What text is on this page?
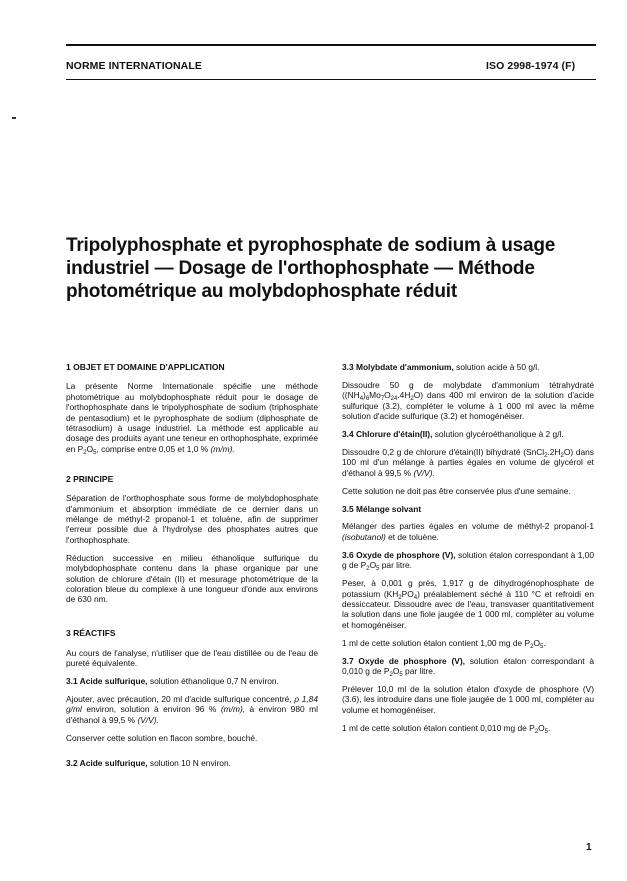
NORME INTERNATIONALE	ISO 2998-1974 (F)
Tripolyphosphate et pyrophosphate de sodium à usage industriel — Dosage de l'orthophosphate — Méthode photométrique au molybdophosphate réduit

1 OBJET ET DOMAINE D'APPLICATION

La présente Norme Internationale spécifie une méthode photométrique au molybdophosphate réduit pour le dosage de l'orthophosphate dans le tripolyphosphate de sodium (triphosphate de pentasodium) et le pyrophosphate de sodium (diphosphate de tétrasodium) à usage industriel. La méthode est applicable au dosage des produits ayant une teneur en orthophosphate, exprimée en $P_2O_5$, comprise entre 0,05 et 1,0 % (m/m).

2 PRINCIPE

Séparation de l'orthophosphate sous forme de molybdophosphate d'ammonium et absorption immédiate de ce dernier dans un mélange de méthyl-2 propanol-1 et toluène, afin de supprimer l'erreur possible due à l'hydrolyse des phosphates autres que l'orthophosphate.

Réduction successive en milieu éthanolique sulfurique du molybdophosphate contenu dans la phase organique par une solution de chlorure d'étain (II) et mesurage photométrique de la coloration bleue du complexe à une longueur d'onde aux environs de 630 nm.

3 RÉACTIFS

Au cours de l'analyse, n'utiliser que de l'eau distillée ou de l'eau de pureté équivalente.

3.1 Acide sulfurique, solution éthanolique 0,7 N environ.

Ajouter, avec précaution, 20 ml d'acide sulfurique concentré, ρ 1,84 g/ml environ, solution à environ 96 % (m/m), à environ 980 ml d'éthanol à 99,5 % (V/V).

Conserver cette solution en flacon sombre, bouché.

3.2 Acide sulfurique, solution 10 N environ.

3.3 Molybdate d'ammonium, solution acide à 50 g/l.

Dissoudre 50 g de molybdate d'ammonium tétrahydraté $((NH_4)_6Mo_7O_{24}.4H_2O)$ dans 400 ml environ de la solution d'acide sulfurique (3.2), compléter le volume à 1 000 ml avec la même solution d'acide sulfurique (3.2) et homogénéiser.

3.4 Chlorure d'étain(II), solution glycéroéthanolique à 2 g/l.

Dissoudre 0,2 g de chlorure d'étain(II) bihydraté $(SnCl_2.2H_2O)$ dans 100 ml d'un mélange à parties égales en volume de glycérol et d'éthanol à 99,5 % (V/V).

Cette solution ne doit pas être conservée plus d'une semaine.

3.5 Mélange solvant

Mélanger des parties égales en volume de méthyl-2 propanol-1 (isobutanol) et de toluène.

3.6 Oxyde de phosphore (V), solution étalon correspondant à 1,00 g de $P_2O_5$ par litre.

Peser, à 0,001 g près, 1,917 g de dihydrogénophosphate de potassium $(KH_2PO_4)$ préalablement séché à 110 °C et refroidi en dessiccateur. Dissoudre avec de l'eau, transvaser quantitativement la solution dans une fiole jaugée de 1 000 ml, compléter au volume et homogénéiser.

1 ml de cette solution étalon contient 1,00 mg de $P_2O_5$.

3.7 Oxyde de phosphore (V), solution étalon correspondant à 0,010 g de $P_2O_5$ par litre.

Prélever 10,0 ml de la solution étalon d'oxyde de phosphore (V) (3.6), les introduire dans une fiole jaugée de 1 000 ml, compléter au volume et homogénéiser.

1 ml de cette solution étalon contient 0,010 mg de $P_2O_5$.

1
